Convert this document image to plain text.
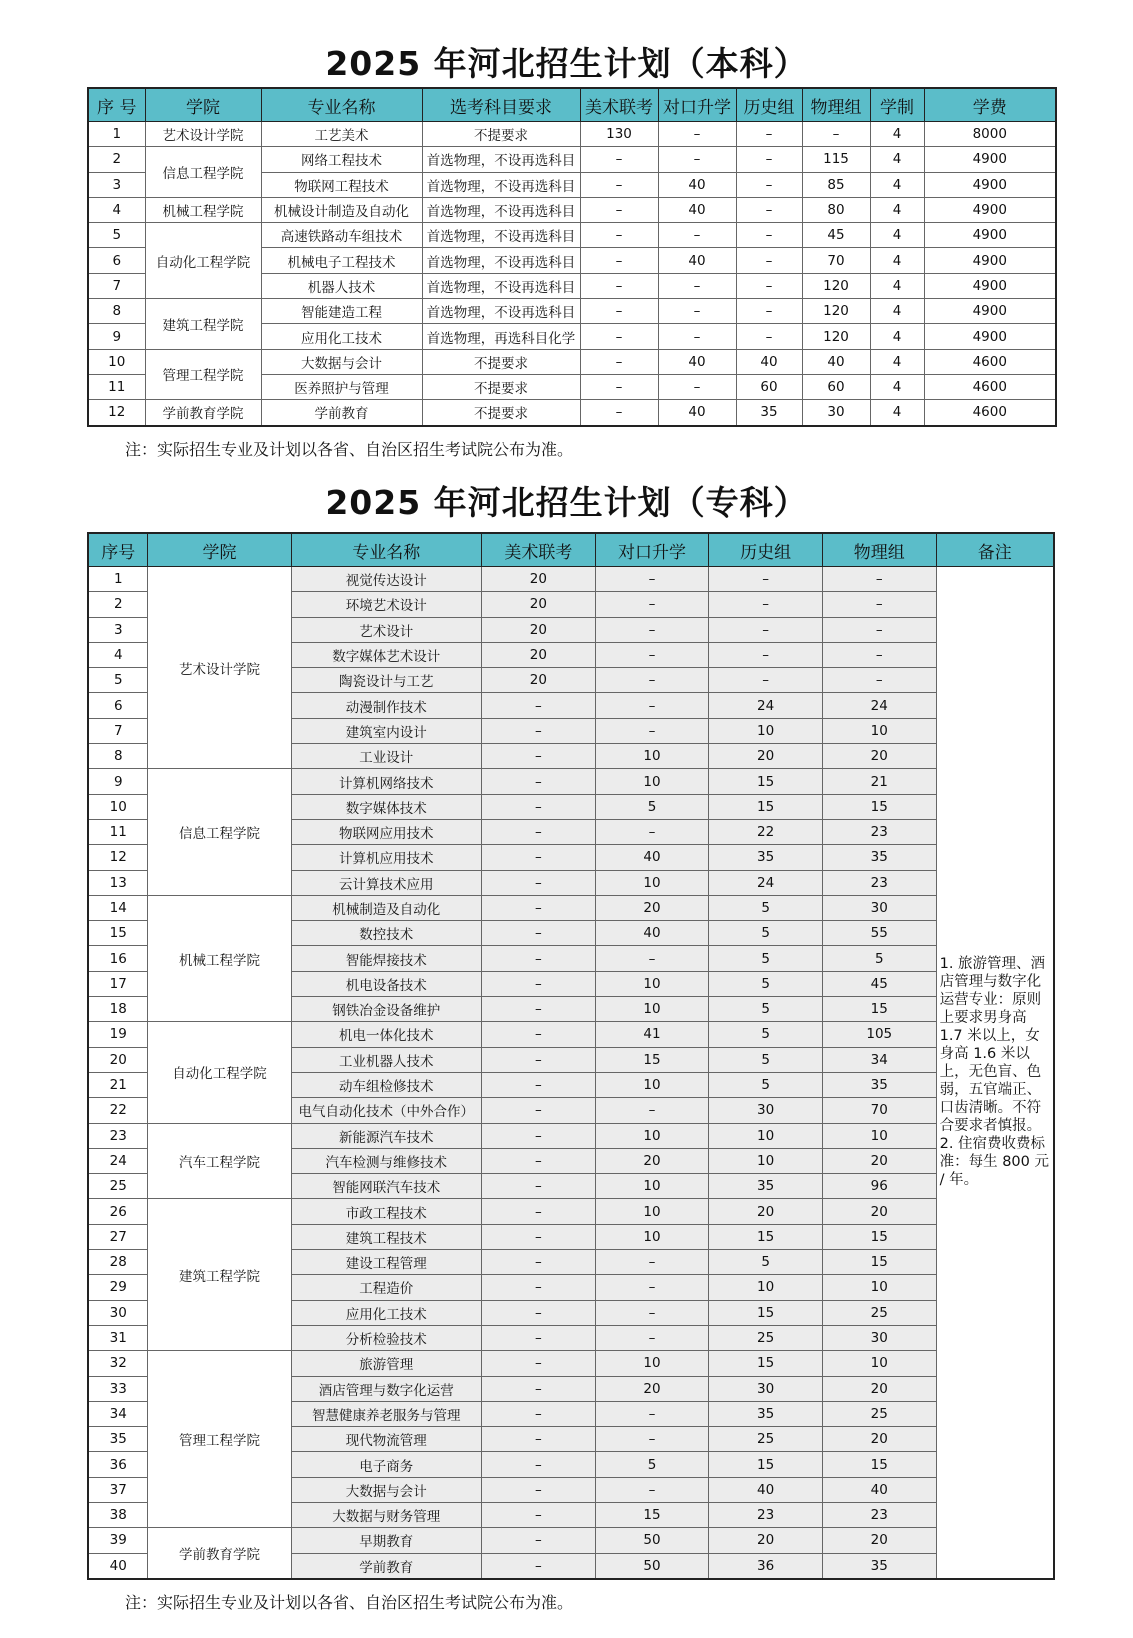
2025 年河北招生计划（本科）
序 号	学院	专业名称	选考科目要求	美术联考	对口升学	历史组	物理组	学制	学费
1	艺术设计学院	工艺美术	不提要求	130	–	–	–	4	8000
2	信息工程学院	网络工程技术	首选物理，不设再选科目	–	–	–	115	4	4900
3		物联网工程技术	首选物理，不设再选科目	–	40	–	85	4	4900
4	机械工程学院	机械设计制造及自动化	首选物理，不设再选科目	–	40	–	80	4	4900
5	自动化工程学院	高速铁路动车组技术	首选物理，不设再选科目	–	–	–	45	4	4900
6		机械电子工程技术	首选物理，不设再选科目	–	40	–	70	4	4900
7		机器人技术	首选物理，不设再选科目	–	–	–	120	4	4900
8	建筑工程学院	智能建造工程	首选物理，不设再选科目	–	–	–	120	4	4900
9		应用化工技术	首选物理，再选科目化学	–	–	–	120	4	4900
10	管理工程学院	大数据与会计	不提要求	–	40	40	40	4	4600
11		医养照护与管理	不提要求	–	–	60	60	4	4600
12	学前教育学院	学前教育	不提要求	–	40	35	30	4	4600
注：实际招生专业及计划以各省、自治区招生考试院公布为准。
2025 年河北招生计划（专科）
序号	学院	专业名称	美术联考	对口升学	历史组	物理组	备注
1	艺术设计学院	视觉传达设计	20	–	–	–	1. 旅游管理、酒店管理与数字化运营专业：原则上要求男身高 1.7 米以上，女身高 1.6 米以上，无色盲、色弱，五官端正、口齿清晰。不符合要求者慎报。 2. 住宿费收费标准：每生 800 元 / 年。
2		环境艺术设计	20	–	–	–	
3		艺术设计	20	–	–	–	
4		数字媒体艺术设计	20	–	–	–	
5		陶瓷设计与工艺	20	–	–	–	
6		动漫制作技术	–	–	24	24	
7		建筑室内设计	–	–	10	10	
8		工业设计	–	10	20	20	
9	信息工程学院	计算机网络技术	–	10	15	21	
10		数字媒体技术	–	5	15	15	
11		物联网应用技术	–	–	22	23	
12		计算机应用技术	–	40	35	35	
13		云计算技术应用	–	10	24	23	
14	机械工程学院	机械制造及自动化	–	20	5	30	
15		数控技术	–	40	5	55	
16		智能焊接技术	–	–	5	5	
17		机电设备技术	–	10	5	45	
18		钢铁冶金设备维护	–	10	5	15	
19	自动化工程学院	机电一体化技术	–	41	5	105	
20		工业机器人技术	–	15	5	34	
21		动车组检修技术	–	10	5	35	
22		电气自动化技术（中外合作）	–	–	30	70	
23	汽车工程学院	新能源汽车技术	–	10	10	10	
24		汽车检测与维修技术	–	20	10	20	
25		智能网联汽车技术	–	10	35	96	
26	建筑工程学院	市政工程技术	–	10	20	20	
27		建筑工程技术	–	10	15	15	
28		建设工程管理	–	–	5	15	
29		工程造价	–	–	10	10	
30		应用化工技术	–	–	15	25	
31		分析检验技术	–	–	25	30	
32	管理工程学院	旅游管理	–	10	15	10	
33		酒店管理与数字化运营	–	20	30	20	
34		智慧健康养老服务与管理	–	–	35	25	
35		现代物流管理	–	–	25	20	
36		电子商务	–	5	15	15	
37		大数据与会计	–	–	40	40	
38		大数据与财务管理	–	15	23	23	
39	学前教育学院	早期教育	–	50	20	20	
40		学前教育	–	50	36	35	
注：实际招生专业及计划以各省、自治区招生考试院公布为准。
